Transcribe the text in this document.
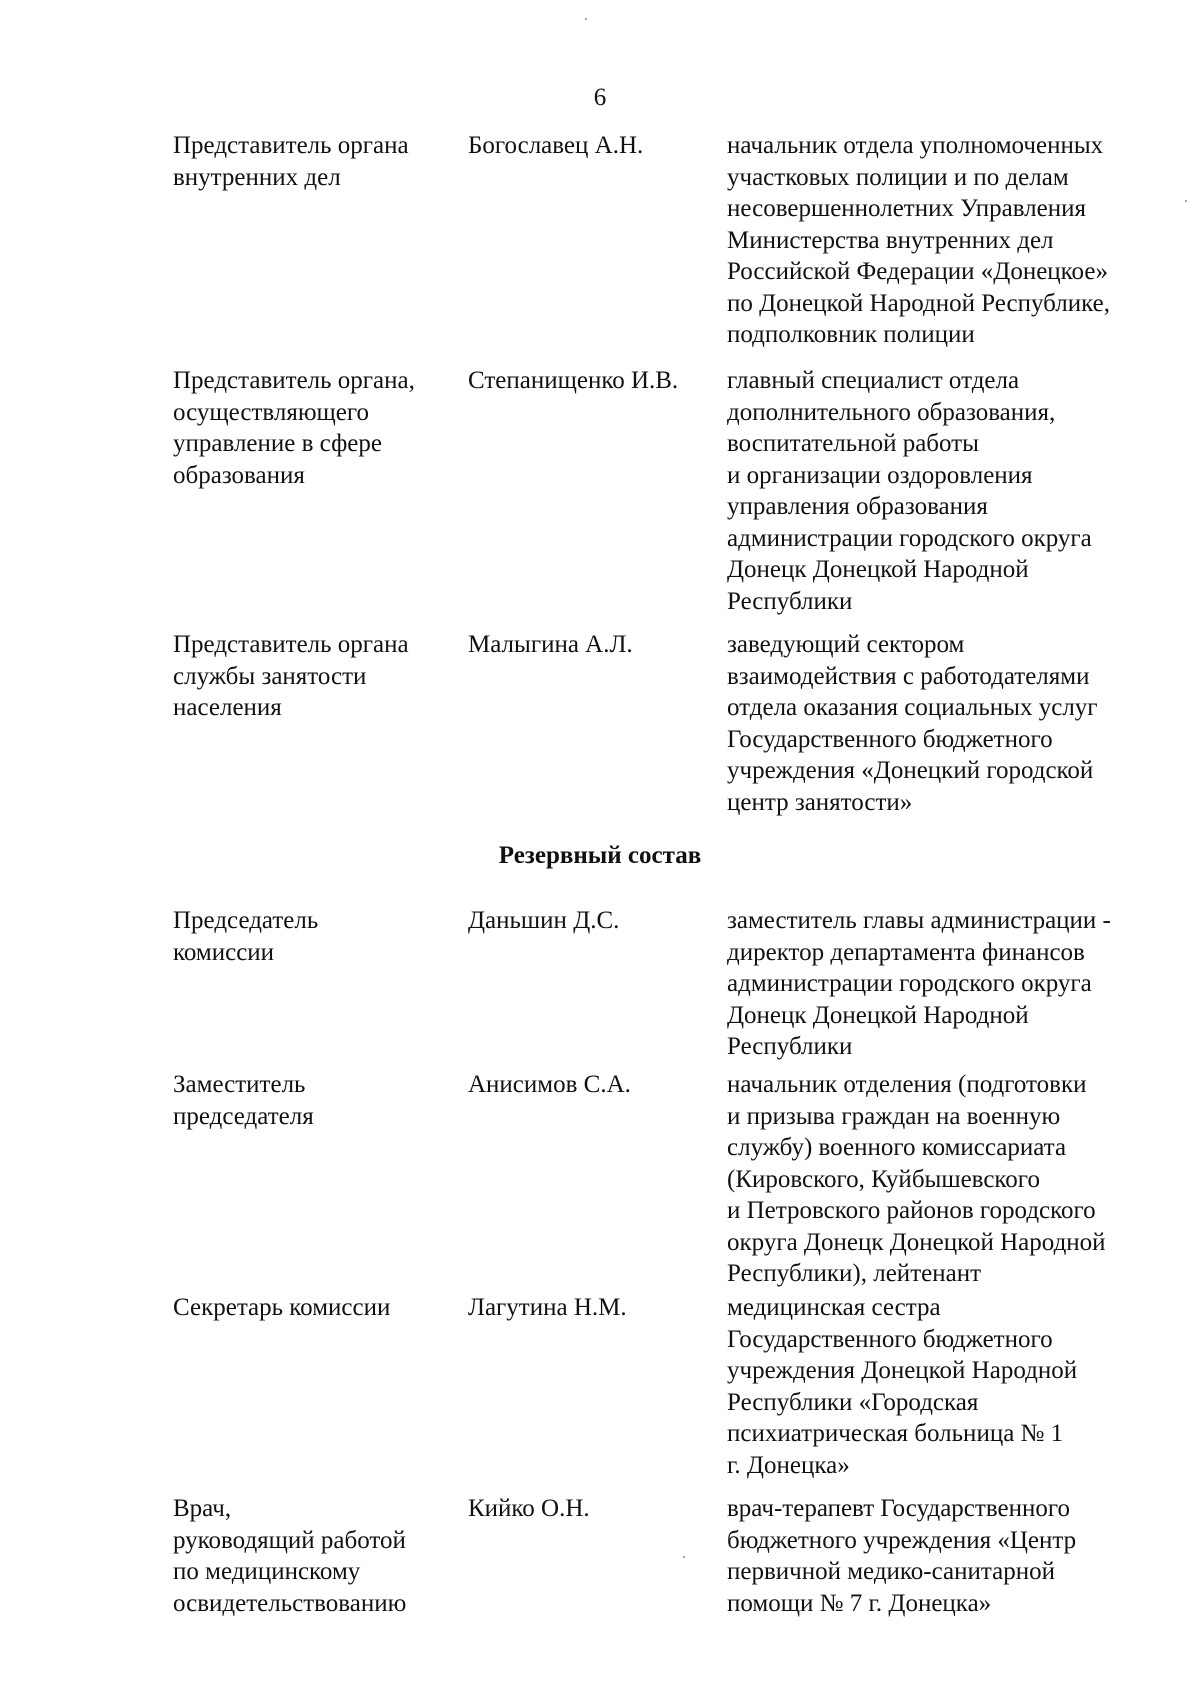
6
Представитель органа
внутренних дел
Богославец А.Н.	начальник отдела уполномоченных
участковых полиции и по делам
несовершеннолетних Управления
Министерства внутренних дел
Российской Федерации «Донецкое»
по Донецкой Народной Республике,
подполковник полиции
Представитель органа,
осуществляющего
управление в сфере
образования
Степанищенко И.В.	главный специалист отдела
дополнительного образования,
воспитательной работы
и организации оздоровления
управления образования
администрации городского округа
Донецк Донецкой Народной
Республики
Представитель органа
службы занятости
населения
Малыгина А.Л.	заведующий сектором
взаимодействия с работодателями
отдела оказания социальных услуг
Государственного бюджетного
учреждения «Донецкий городской
центр занятости»
Резервный состав
Председатель
комиссии
Даньшин Д.С.	заместитель главы администрации -
директор департамента финансов
администрации городского округа
Донецк Донецкой Народной
Республики
Заместитель
председателя
Анисимов С.А.	начальник отделения (подготовки
и призыва граждан на военную
службу) военного комиссариата
(Кировского, Куйбышевского
и Петровского районов городского
округа Донецк Донецкой Народной
Республики), лейтенант
Секретарь комиссии	Лагутина Н.М.	медицинская сестра
Государственного бюджетного
учреждения Донецкой Народной
Республики «Городская
психиатрическая больница № 1
г. Донецка»
Врач,
руководящий работой
по медицинскому
освидетельствованию
Кийко О.Н.	врач-терапевт Государственного
бюджетного учреждения «Центр
первичной медико-санитарной
помощи № 7 г. Донецка»
